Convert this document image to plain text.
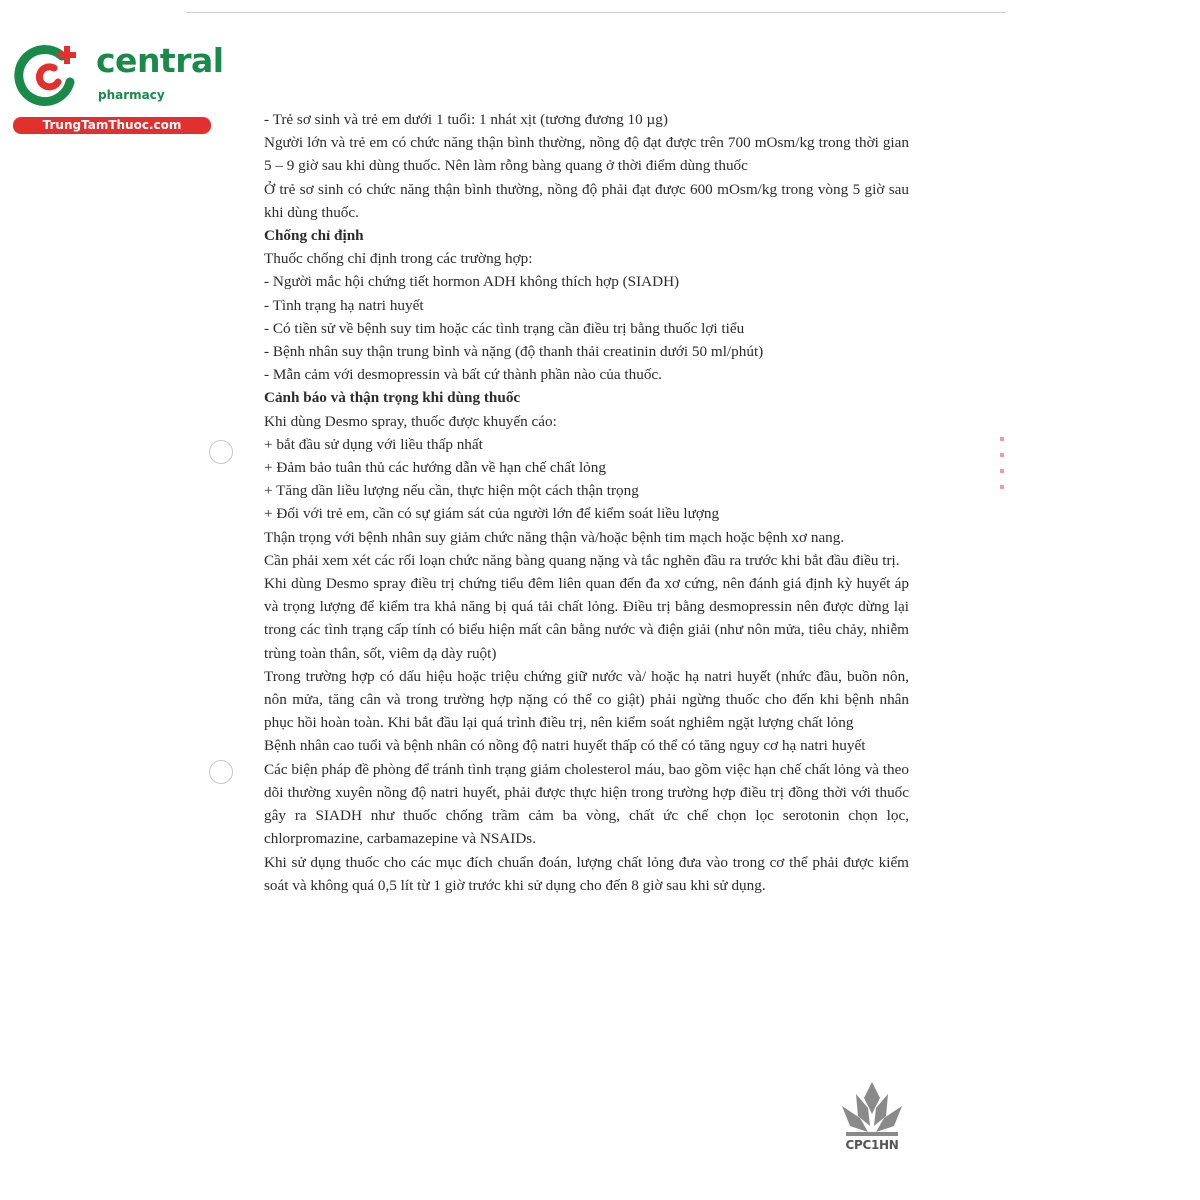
central
pharmacy
TrungTamThuoc.com	- Trẻ sơ sinh và trẻ em dưới 1 tuổi: 1 nhát xịt (tương đương 10 µg)

Người lớn và trẻ em có chức năng thận bình thường, nồng độ đạt được trên 700 mOsm/kg trong thời gian 5 – 9 giờ sau khi dùng thuốc. Nên làm rỗng bàng quang ở thời điểm dùng thuốc

Ở trẻ sơ sinh có chức năng thận bình thường, nồng độ phải đạt được 600 mOsm/kg trong vòng 5 giờ sau khi dùng thuốc.

Chống chỉ định

Thuốc chống chỉ định trong các trường hợp:

- Người mắc hội chứng tiết hormon ADH không thích hợp (SIADH)

- Tình trạng hạ natri huyết

- Có tiền sử về bệnh suy tim hoặc các tình trạng cần điều trị bằng thuốc lợi tiểu

- Bệnh nhân suy thận trung bình và nặng (độ thanh thải creatinin dưới 50 ml/phút)

- Mẫn cảm với desmopressin và bất cứ thành phần nào của thuốc.

Cảnh báo và thận trọng khi dùng thuốc

Khi dùng Desmo spray, thuốc được khuyến cáo:

+ bắt đầu sử dụng với liều thấp nhất

+ Đảm bảo tuân thủ các hướng dẫn về hạn chế chất lỏng

+ Tăng dần liều lượng nếu cần, thực hiện một cách thận trọng

+ Đối với trẻ em, cần có sự giám sát của người lớn để kiểm soát liều lượng

Thận trọng với bệnh nhân suy giảm chức năng thận và/hoặc bệnh tim mạch hoặc bệnh xơ nang.

Cần phải xem xét các rối loạn chức năng bàng quang nặng và tắc nghẽn đầu ra trước khi bắt đầu điều trị.

Khi dùng Desmo spray điều trị chứng tiểu đêm liên quan đến đa xơ cứng, nên đánh giá định kỳ huyết áp và trọng lượng để kiểm tra khả năng bị quá tải chất lỏng. Điều trị bằng desmopressin nên được dừng lại trong các tình trạng cấp tính có biểu hiện mất cân bằng nước và điện giải (như nôn mửa, tiêu chảy, nhiễm trùng toàn thân, sốt, viêm dạ dày ruột)

Trong trường hợp có dấu hiệu hoặc triệu chứng giữ nước và/ hoặc hạ natri huyết (nhức đầu, buồn nôn, nôn mửa, tăng cân và trong trường hợp nặng có thể co giật) phải ngừng thuốc cho đến khi bệnh nhân phục hồi hoàn toàn. Khi bắt đầu lại quá trình điều trị, nên kiểm soát nghiêm ngặt lượng chất lỏng

Bệnh nhân cao tuổi và bệnh nhân có nồng độ natri huyết thấp có thể có tăng nguy cơ hạ natri huyết

Các biện pháp đề phòng để tránh tình trạng giảm cholesterol máu, bao gồm việc hạn chế chất lỏng và theo dõi thường xuyên nồng độ natri huyết, phải được thực hiện trong trường hợp điều trị đồng thời với thuốc gây ra SIADH như thuốc chống trầm cảm ba vòng, chất ức chế chọn lọc serotonin chọn lọc, chlorpromazine, carbamazepine và NSAIDs.

Khi sử dụng thuốc cho các mục đích chuẩn đoán, lượng chất lỏng đưa vào trong cơ thể phải được kiểm soát và không quá 0,5 lít từ 1 giờ trước khi sử dụng cho đến 8 giờ sau khi sử dụng.

CPC1HN
